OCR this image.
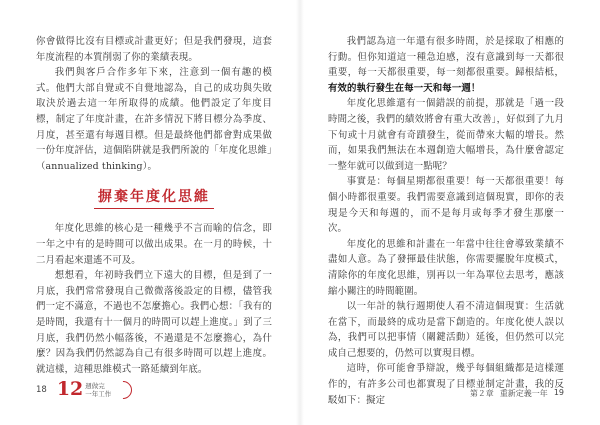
你會做得比沒有目標或計畫更好；但是我們發現，這套年度流程的本質削弱了你的業績表現。

我們與客戶合作多年下來，注意到一個有趣的模式。他們大部自覺或不自覺地認為，自己的成功與失敗取決於過去這一年所取得的成績。他們設定了年度目標，制定了年度計畫，在許多情況下將目標分為季度、月度，甚至還有每週目標。但是最終他們都會對成果做一份年度評估，這個陷阱就是我們所說的「年度化思維」（annualized thinking）。

摒棄年度化思維

年度化思維的核心是一種幾乎不言而喻的信念，即一年之中有的是時間可以做出成果。在一月的時候，十二月看起來還遙不可及。

想想看，年初時我們立下遠大的目標，但是到了一月底，我們常常發現自己微微落後設定的目標，儘管我們一定不滿意，不過也不怎麼擔心。我們心想：「我有的是時間，我還有十一個月的時間可以趕上進度。」到了三月底，我們仍然小幅落後，不過還是不怎麼擔心，為什麼？因為我們仍然認為自己有很多時間可以趕上進度。就這樣，這種思維模式一路延續到年底。

18 12 週做完
一年工作

我們認為這一年還有很多時間，於是採取了相應的行動。但你知道這一種急迫感，沒有意識到每一天都很重要，每一天都很重要，每一刻都很重要。歸根結柢，有效的執行發生在每一天和每一週！

年度化思維還有一個錯誤的前提，那就是「過一段時間之後，我們的績效將會有重大改善」，好似到了九月下旬或十月就會有奇蹟發生，從而帶來大幅的增長。然而，如果我們無法在本週創造大幅增長，為什麼會認定一整年就可以做到這一點呢？

事實是：每個星期都很重要！每一天都很重要！每個小時都很重要。我們需要意識到這個現實，即你的表現是今天和每週的，而不是每月或每季才發生那麼一次。

年度化的思維和計畫在一年當中往往會導致業績不盡如人意。為了發揮最佳狀態，你需要擺脫年度模式，清除你的年度化思維，別再以一年為單位去思考，應該縮小關注的時間範圍。

以一年計的執行週期使人看不清這個現實：生活就在當下，而最終的成功是當下創造的。年度化使人誤以為，我們可以把事情（關鍵活動）延後，但仍然可以完成自己想要的，仍然可以實現目標。

這時，你可能會爭辯說，幾乎每個組織都是這樣運作的，有許多公司也都實現了目標並制定計畫，我的反駁如下：擬定

第２章 重新定義一年 19
